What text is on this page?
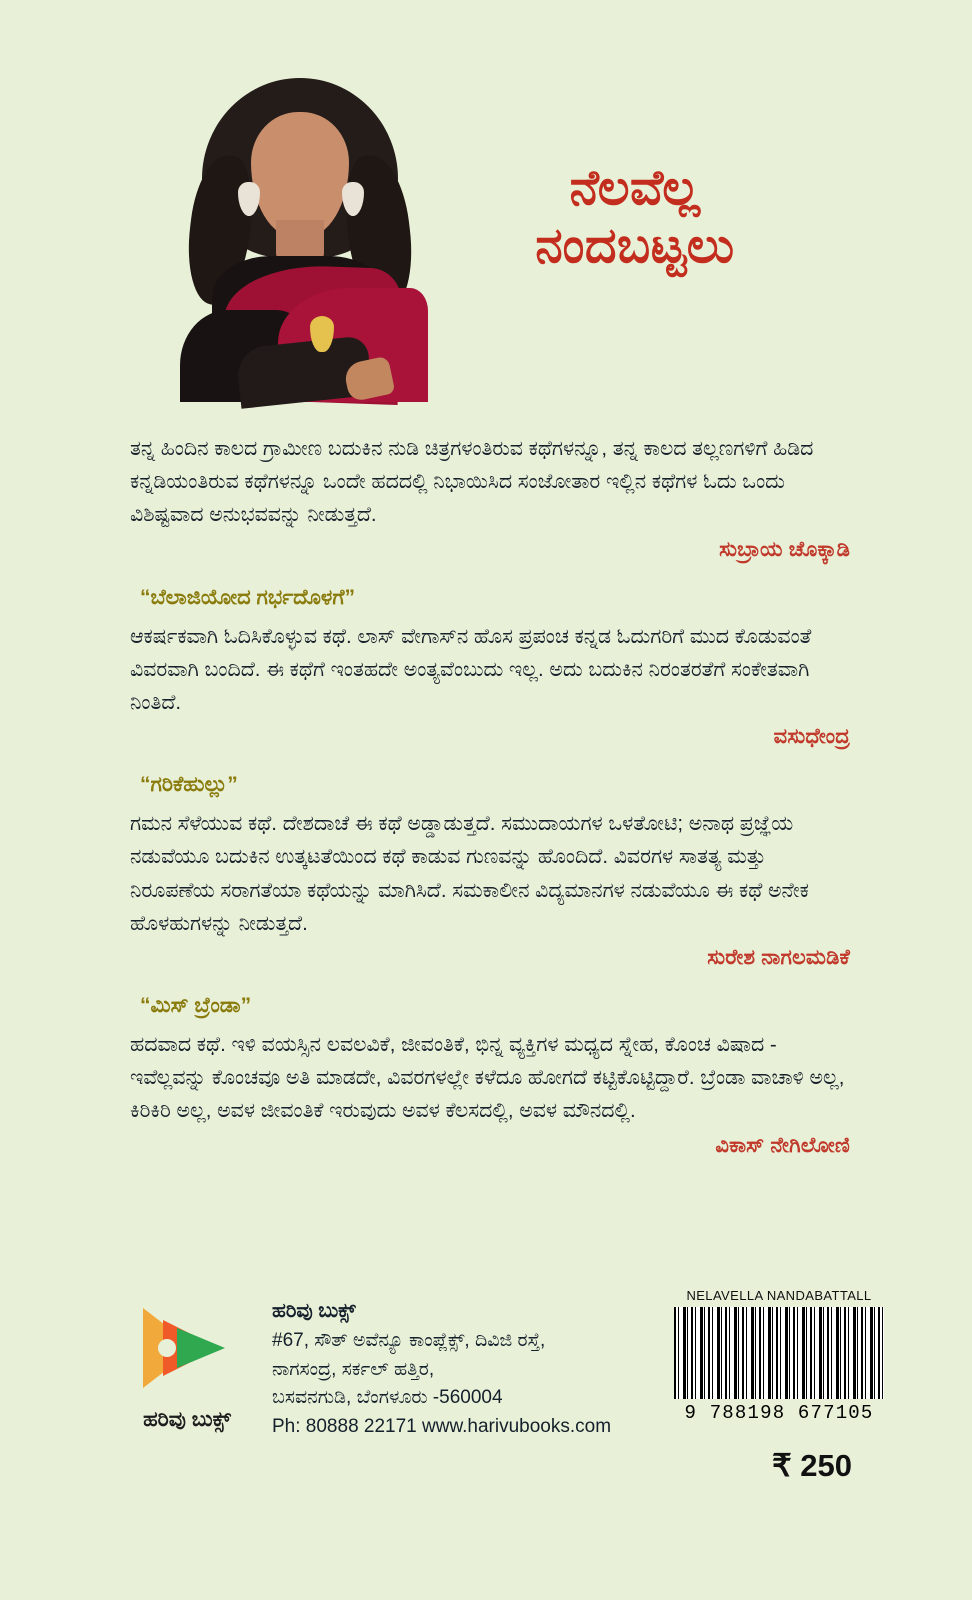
ನೆಲವೆಲ್ಲ
ನಂದಬಟ್ಟಲು

ತನ್ನ ಹಿಂದಿನ ಕಾಲದ ಗ್ರಾಮೀಣ ಬದುಕಿನ ನುಡಿ ಚಿತ್ರಗಳಂತಿರುವ ಕಥೆಗಳನ್ನೂ, ತನ್ನ ಕಾಲದ ತಲ್ಲಣಗಳಿಗೆ ಹಿಡಿದ ಕನ್ನಡಿಯಂತಿರುವ ಕಥೆಗಳನ್ನೂ ಒಂದೇ ಹದದಲ್ಲಿ ನಿಭಾಯಿಸಿದ ಸಂಜೋತಾರ ಇಲ್ಲಿನ ಕಥೆಗಳ ಓದು ಒಂದು ವಿಶಿಷ್ಟವಾದ ಅನುಭವವನ್ನು ನೀಡುತ್ತದೆ.

ಸುಬ್ರಾಯ ಚೊಕ್ಕಾಡಿ

“ಬೆಲಾಜಿಯೋದ ಗರ್ಭದೊಳಗೆ”

ಆಕರ್ಷಕವಾಗಿ ಓದಿಸಿಕೊಳ್ಳುವ ಕಥೆ. ಲಾಸ್ ವೇಗಾಸ್‌ನ ಹೊಸ ಪ್ರಪಂಚ ಕನ್ನಡ ಓದುಗರಿಗೆ ಮುದ ಕೊಡುವಂತೆ ವಿವರವಾಗಿ ಬಂದಿದೆ. ಈ ಕಥೆಗೆ ಇಂತಹದೇ ಅಂತ್ಯವೆಂಬುದು ಇಲ್ಲ. ಅದು ಬದುಕಿನ ನಿರಂತರತೆಗೆ ಸಂಕೇತವಾಗಿ ನಿಂತಿದೆ.

ವಸುಧೇಂದ್ರ

“ಗರಿಕೆಹುಲ್ಲು”

ಗಮನ ಸೆಳೆಯುವ ಕಥೆ. ದೇಶದಾಚೆ ಈ ಕಥೆ ಅಡ್ಡಾಡುತ್ತದೆ. ಸಮುದಾಯಗಳ ಒಳತೋಟಿ; ಅನಾಥ ಪ್ರಜ್ಞೆಯ ನಡುವೆಯೂ ಬದುಕಿನ ಉತ್ಕಟತೆಯಿಂದ ಕಥೆ ಕಾಡುವ ಗುಣವನ್ನು ಹೊಂದಿದೆ. ವಿವರಗಳ ಸಾತತ್ಯ ಮತ್ತು ನಿರೂಪಣೆಯ ಸರಾಗತೆಯಾ ಕಥೆಯನ್ನು ಮಾಗಿಸಿದೆ. ಸಮಕಾಲೀನ ವಿದ್ಯಮಾನಗಳ ನಡುವೆಯೂ ಈ ಕಥೆ ಅನೇಕ ಹೊಳಹುಗಳನ್ನು ನೀಡುತ್ತದೆ.

ಸುರೇಶ ನಾಗಲಮಡಿಕೆ

“ಮಿಸ್ ಬ್ರೆಂಡಾ”

ಹದವಾದ ಕಥೆ. ಇಳಿ ವಯಸ್ಸಿನ ಲವಲವಿಕೆ, ಜೀವಂತಿಕೆ, ಭಿನ್ನ ವ್ಯಕ್ತಿಗಳ ಮಧ್ಯದ ಸ್ನೇಹ, ಕೊಂಚ ವಿಷಾದ - ಇವೆಲ್ಲವನ್ನು ಕೊಂಚವೂ ಅತಿ ಮಾಡದೇ, ವಿವರಗಳಲ್ಲೇ ಕಳೆದೂ ಹೋಗದೆ ಕಟ್ಟಿಕೊಟ್ಟಿದ್ದಾರೆ. ಬ್ರೆಂಡಾ ವಾಚಾಳಿ ಅಲ್ಲ, ಕಿರಿಕಿರಿ ಅಲ್ಲ, ಅವಳ ಜೀವಂತಿಕೆ ಇರುವುದು ಅವಳ ಕೆಲಸದಲ್ಲಿ, ಅವಳ ಮೌನದಲ್ಲಿ.

ವಿಕಾಸ್ ನೇಗಿಲೋಣಿ

ಹರಿವು ಬುಕ್ಸ್
ಹರಿವು ಬುಕ್ಸ್
#67, ಸೌತ್ ಅವೆನ್ಯೂ ಕಾಂಪ್ಲೆಕ್ಸ್, ದಿವಿಜಿ ರಸ್ತೆ,
ನಾಗಸಂದ್ರ, ಸರ್ಕಲ್ ಹತ್ತಿರ,
ಬಸವನಗುಡಿ, ಬೆಂಗಳೂರು -560004
Ph: 80888 22171 www.harivubooks.com
NELAVELLA NANDABATTALL
9 788198 677105
₹ 250
